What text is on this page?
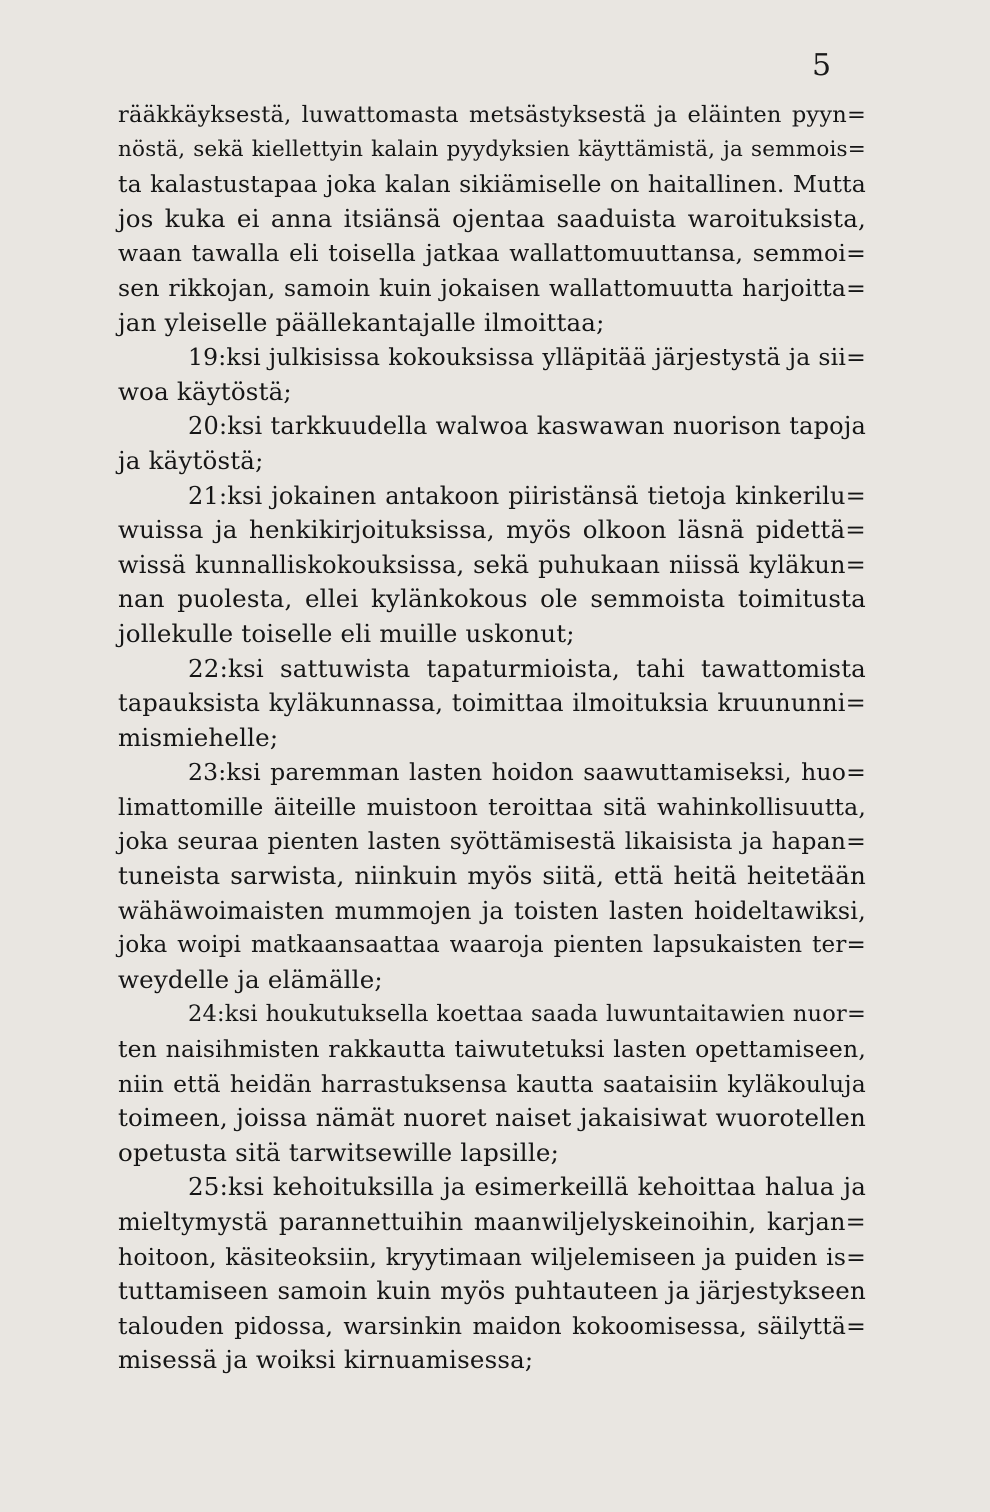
5
rääkkäyksestä, luwattomasta metsästyksestä ja eläinten pyyn=
nöstä, sekä kiellettyin kalain pyydyksien käyttämistä, ja semmois=
ta kalastustapaa joka kalan sikiämiselle on haitallinen. Mutta
jos kuka ei anna itsiänsä ojentaa saaduista waroituksista,
waan tawalla eli toisella jatkaa wallattomuuttansa, semmoi=
sen rikkojan, samoin kuin jokaisen wallattomuutta harjoitta=
jan yleiselle päällekantajalle ilmoittaa;
19:ksi julkisissa kokouksissa ylläpitää järjestystä ja sii=
woa käytöstä;
20:ksi tarkkuudella walwoa kaswawan nuorison tapoja
ja käytöstä;
21:ksi jokainen antakoon piiristänsä tietoja kinkerilu=
wuissa ja henkikirjoituksissa, myös olkoon läsnä pidettä=
wissä kunnalliskokouksissa, sekä puhukaan niissä kyläkun=
nan puolesta, ellei kylänkokous ole semmoista toimitusta
jollekulle toiselle eli muille uskonut;
22:ksi sattuwista tapaturmioista, tahi tawattomista
tapauksista kyläkunnassa, toimittaa ilmoituksia kruununni=
mismiehelle;
23:ksi paremman lasten hoidon saawuttamiseksi, huo=
limattomille äiteille muistoon teroittaa sitä wahinkollisuutta,
joka seuraa pienten lasten syöttämisestä likaisista ja hapan=
tuneista sarwista, niinkuin myös siitä, että heitä heitetään
wähäwoimaisten mummojen ja toisten lasten hoideltawiksi,
joka woipi matkaansaattaa waaroja pienten lapsukaisten ter=
weydelle ja elämälle;
24:ksi houkutuksella koettaa saada luwuntaitawien nuor=
ten naisihmisten rakkautta taiwutetuksi lasten opettamiseen,
niin että heidän harrastuksensa kautta saataisiin kyläkouluja
toimeen, joissa nämät nuoret naiset jakaisiwat wuorotellen
opetusta sitä tarwitsewille lapsille;
25:ksi kehoituksilla ja esimerkeillä kehoittaa halua ja
mieltymystä parannettuihin maanwiljelyskeinoihin, karjan=
hoitoon, käsiteoksiin, kryytimaan wiljelemiseen ja puiden is=
tuttamiseen samoin kuin myös puhtauteen ja järjestykseen
talouden pidossa, warsinkin maidon kokoomisessa, säilyttä=
misessä ja woiksi kirnuamisessa;
